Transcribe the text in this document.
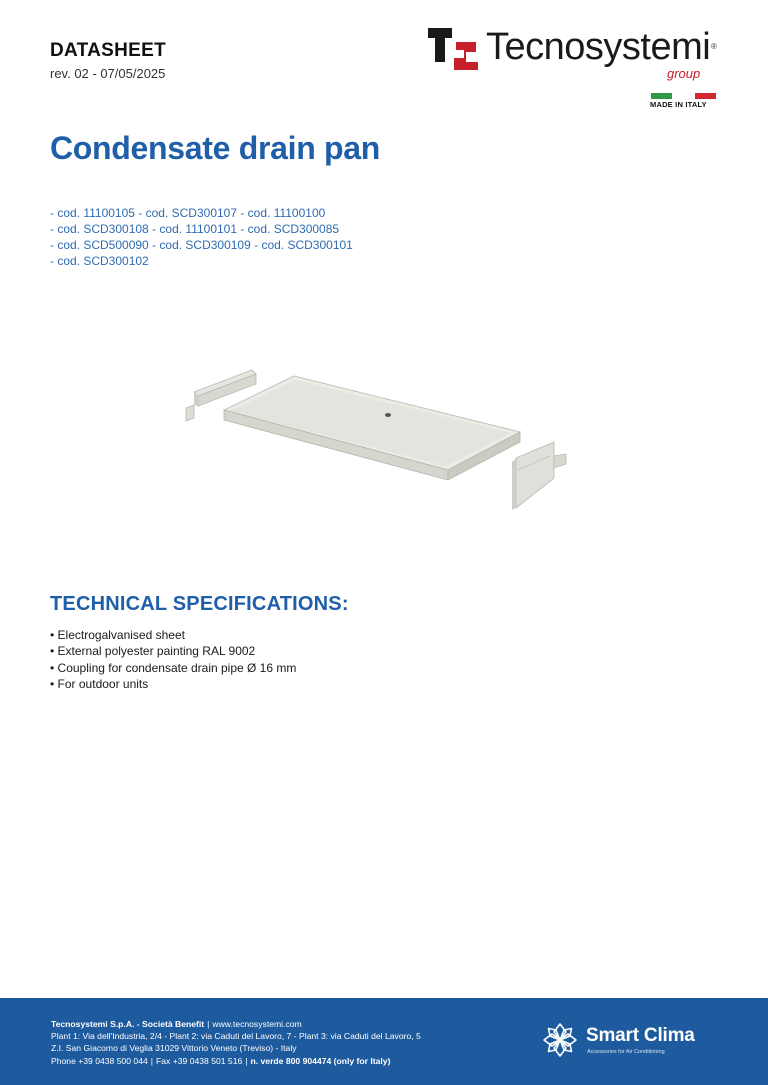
DATASHEET
rev. 02 - 07/05/2025
Tecnosystemi ®
group
MADE IN ITALY
Condensate drain pan
- cod. 11100105 - cod. SCD300107 - cod. 11100100
- cod. SCD300108 - cod. 11100101 - cod. SCD300085
- cod. SCD500090 - cod. SCD300109 - cod. SCD300101
- cod. SCD300102
TECHNICAL SPECIFICATIONS:
• Electrogalvanised sheet
• External polyester painting RAL 9002
• Coupling for condensate drain pipe Ø 16 mm
• For outdoor units
Tecnosystemi S.p.A. - Società Benefit | www.tecnosystemi.com
Plant 1: Via dell'Industria, 2/4 - Plant 2: via Caduti del Lavoro, 7 - Plant 3: via Caduti del Lavoro, 5
Z.I. San Giacomo di Veglia 31029 Vittorio Veneto (Treviso) - Italy
Phone +39 0438 500 044 | Fax +39 0438 501 516 | n. verde 800 904474 (only for Italy)
Smart Clima
Accessories for Air Conditioning
